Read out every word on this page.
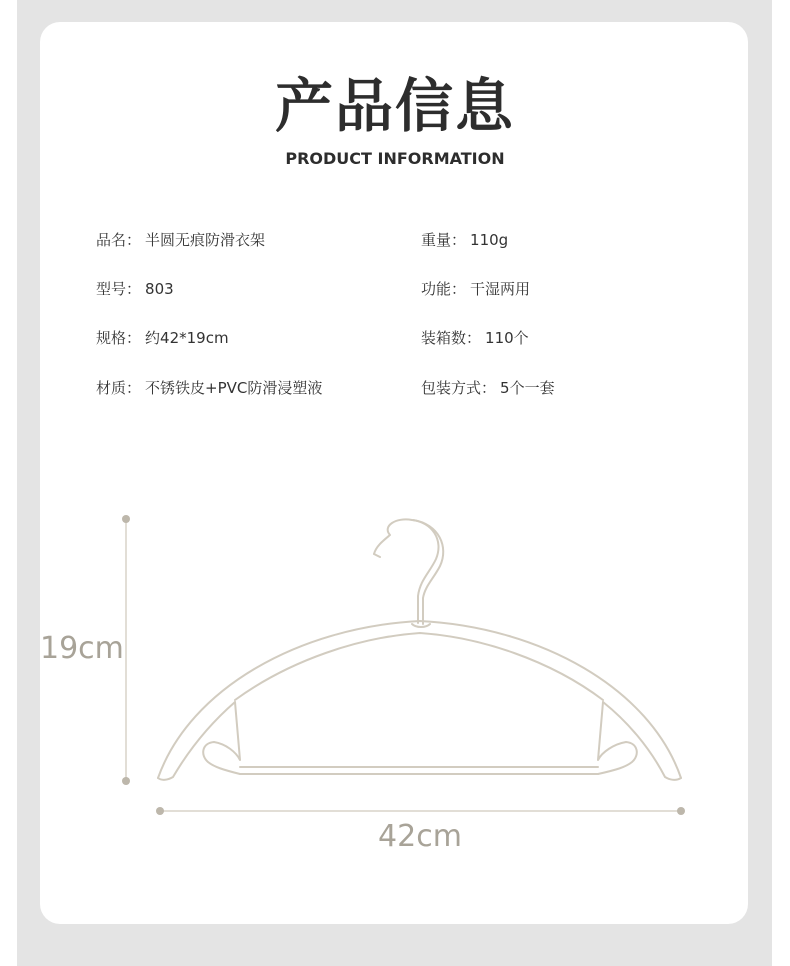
产品信息
PRODUCT INFORMATION
品名： 半圆无痕防滑衣架	重量： 110g
型号： 803	功能： 干湿两用
规格： 约42*19cm	装箱数： 110个
材质： 不锈铁皮+PVC防滑浸塑液	包装方式： 5个一套
19cm
42cm
